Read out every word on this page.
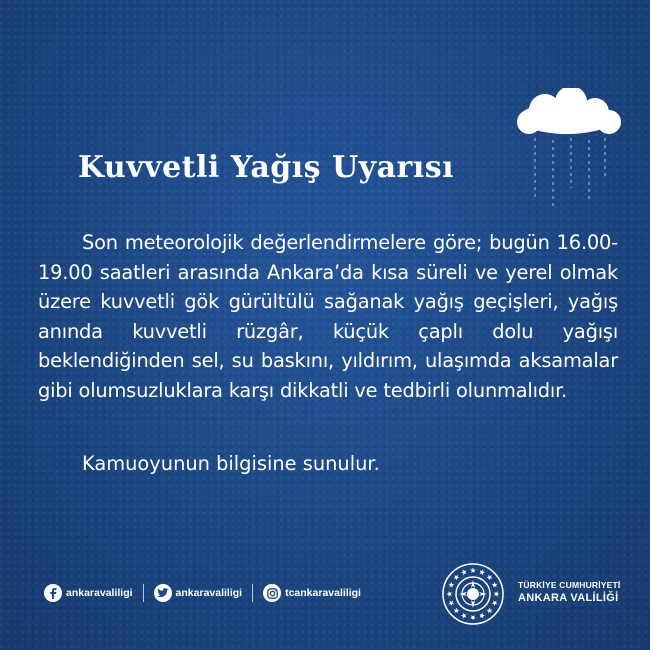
Kuvvetli Yağış Uyarısı

Son meteorolojik değerlendirmelere göre; bugün 16.00-19.00 saatleri arasında Ankara’da kısa süreli ve yerel olmak üzere kuvvetli gök gürültülü sağanak yağış geçişleri, yağış anında kuvvetli rüzgâr, küçük çaplı dolu yağışı beklendiğinden sel, su baskını, yıldırım, ulaşımda aksamalar gibi olumsuzluklara karşı dikkatli ve tedbirli olunmalıdır.

Kamuoyunun bilgisine sunulur.

ankaravaliligi	ankaravaliligi	tcankaravaliligi
TÜRKİYE CUMHURİYETİ
ANKARA VALİLİĞİ
